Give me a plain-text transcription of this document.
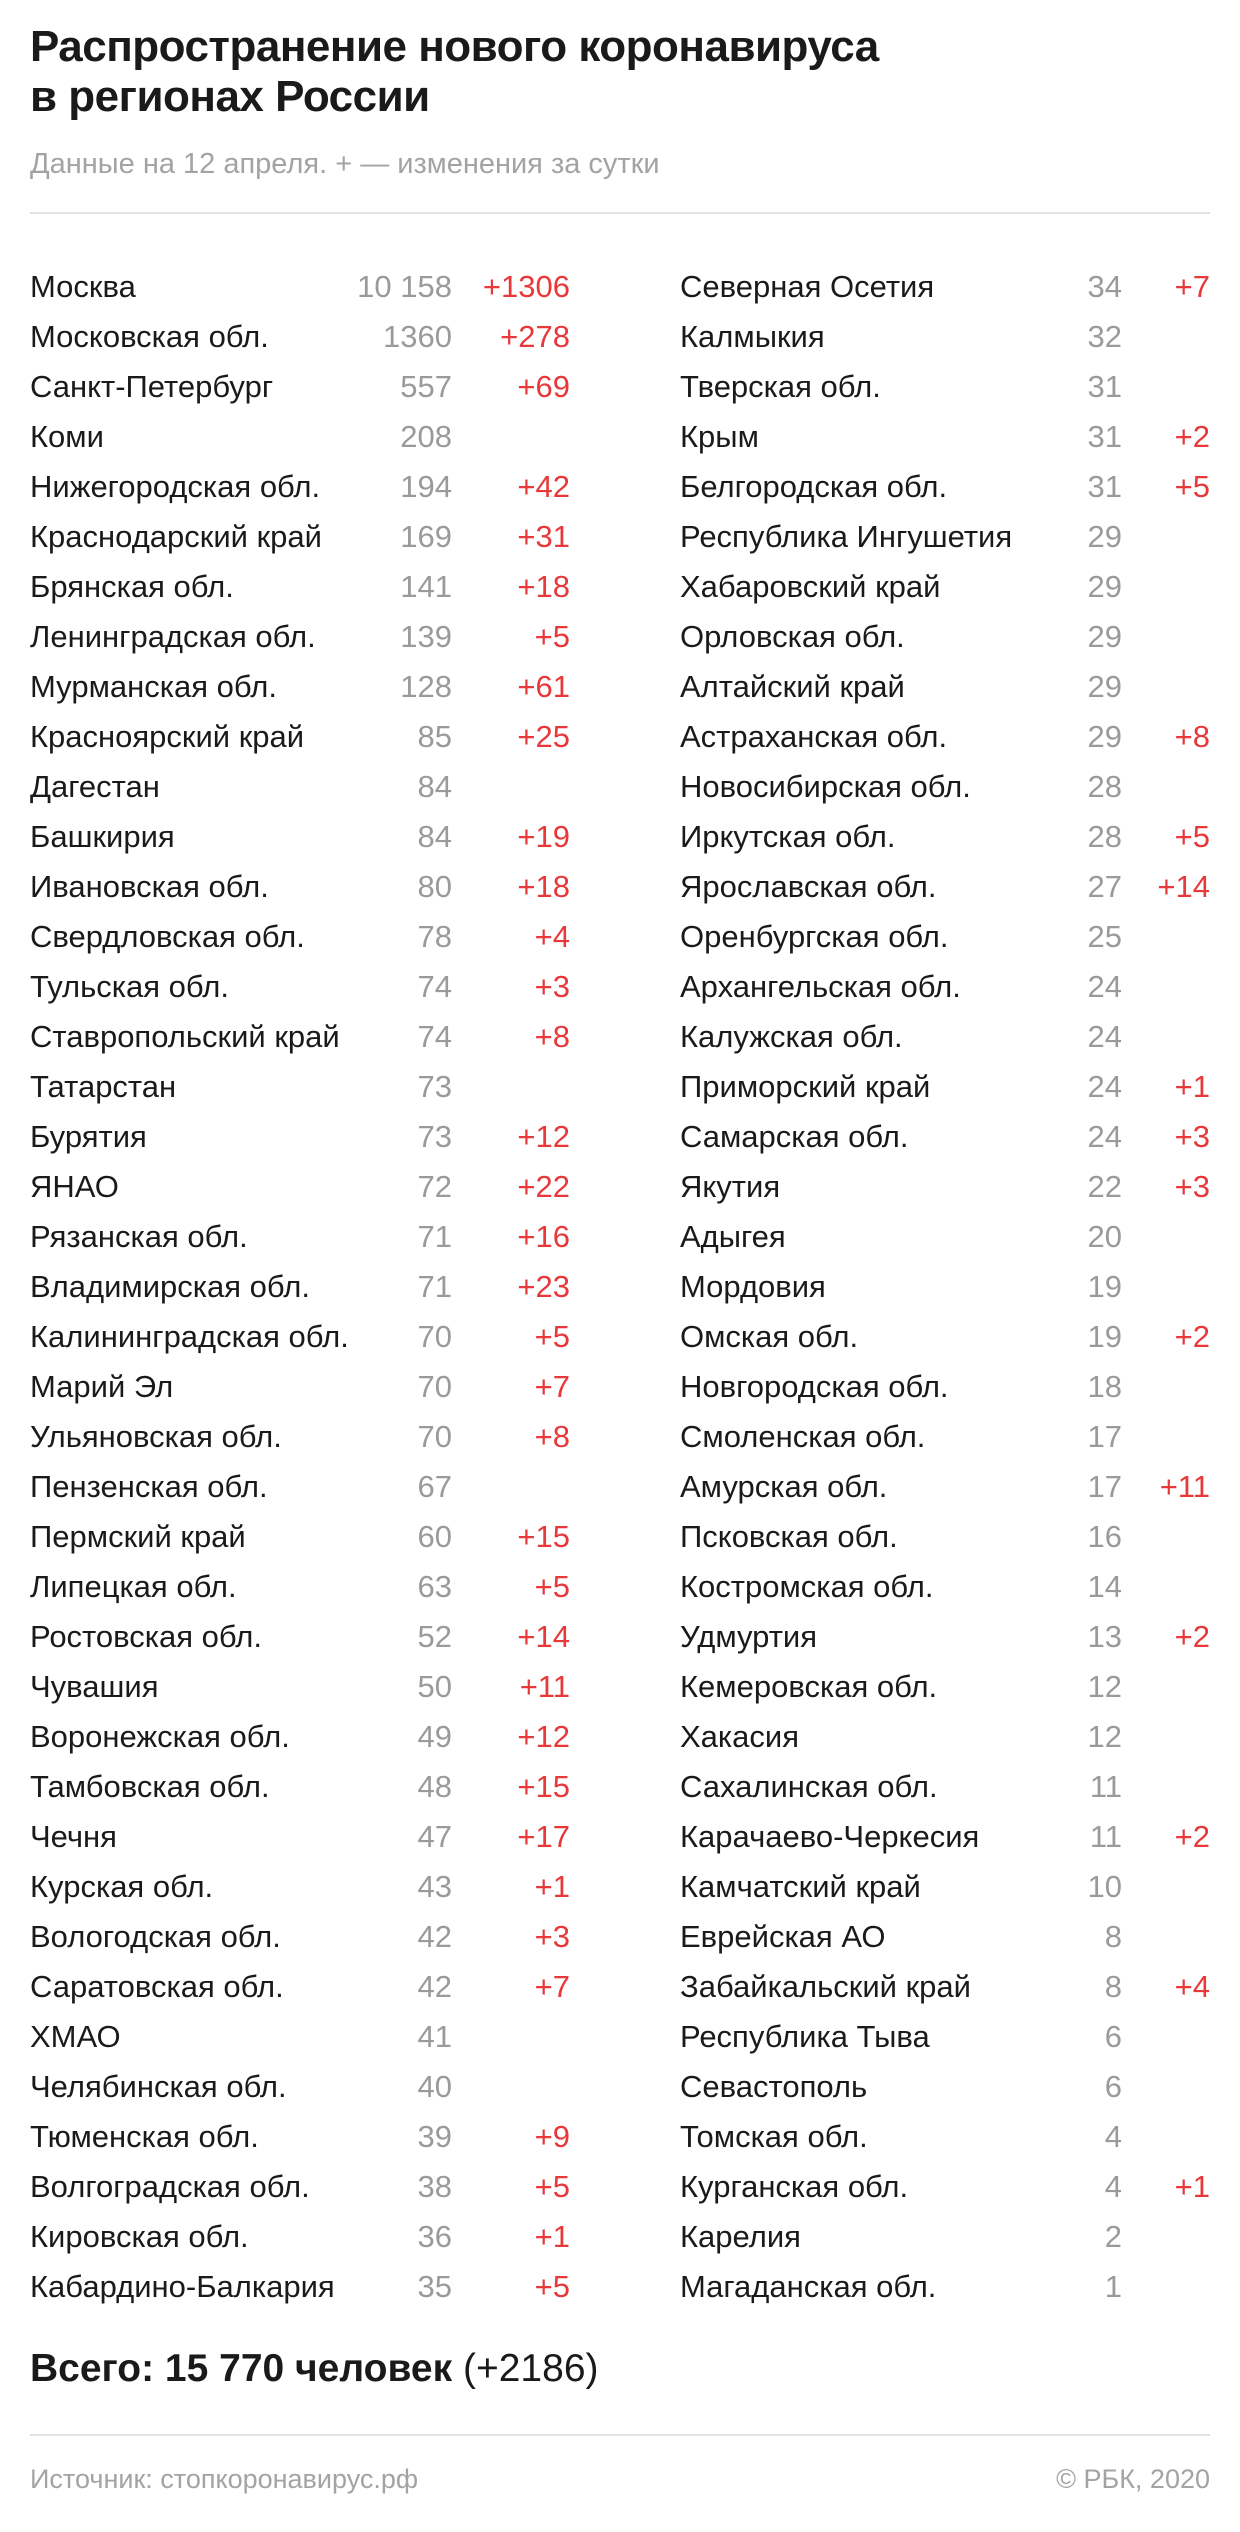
Распространение нового коронавируса
в регионах России

Данные на 12 апреля. + — изменения за сутки

Москва	10 158 +1306
Московская обл.	1360 +278
Санкт-Петербург	557 +69
Коми	208
Нижегородская обл.	194 +42
Краснодарский край	169 +31
Брянская обл.	141 +18
Ленинградская обл.	139	+5
Мурманская обл.	128 +61
Красноярский край	85 +25
Дагестан	84
Башкирия	84 +19
Ивановская обл.	80 +18
Свердловская обл.	78	+4
Тульская обл.	74	+3
Ставропольский край	74	+8
Татарстан	73
Бурятия	73 +12
ЯНАО	72 +22
Рязанская обл.	71 +16
Владимирская обл.	71 +23
Калининградская обл. 70	+5
Марий Эл	70	+7
Ульяновская обл.	70	+8
Пензенская обл.	67
Пермский край	60 +15
Липецкая обл.	63	+5
Ростовская обл.	52 +14
Чувашия	50 +11
Воронежская обл.	49 +12
Тамбовская обл.	48 +15
Чечня	47 +17
Курская обл.	43	+1
Вологодская обл.	42	+3
Саратовская обл.	42	+7
ХМАО	41
Челябинская обл.	40
Тюменская обл.	39	+9
Волгоградская обл.	38	+5
Кировская обл.	36	+1
Кабардино-Балкария	35	+5
Северная Осетия	34 +7
Калмыкия	32
Тверская обл.	31
Крым	31 +2
Белгородская обл.	31 +5
Республика Ингушетия 29
Хабаровский край	29
Орловская обл.	29
Алтайский край	29
Астраханская обл.	29 +8
Новосибирская обл.	28
Иркутская обл.	28 +5
Ярославская обл.	27 +14
Оренбургская обл.	25
Архангельская обл.	24
Калужская обл.	24
Приморский край	24 +1
Самарская обл.	24 +3
Якутия	22 +3
Адыгея	20
Мордовия	19
Омская обл.	19 +2
Новгородская обл.	18
Смоленская обл.	17
Амурская обл.	17 +11
Псковская обл.	16
Костромская обл.	14
Удмуртия	13 +2
Кемеровская обл.	12
Хакасия	12
Сахалинская обл.	11
Карачаево-Черкесия	11 +2
Камчатский край	10
Еврейская АО	8
Забайкальский край	8 +4
Республика Тыва	6
Севастополь	6
Томская обл.	4
Курганская обл.	4 +1
Карелия	2
Магаданская обл.	1
Всего: 15 770 человек (+2186)
Источник: стопкоронавирус.рф	© РБК, 2020
